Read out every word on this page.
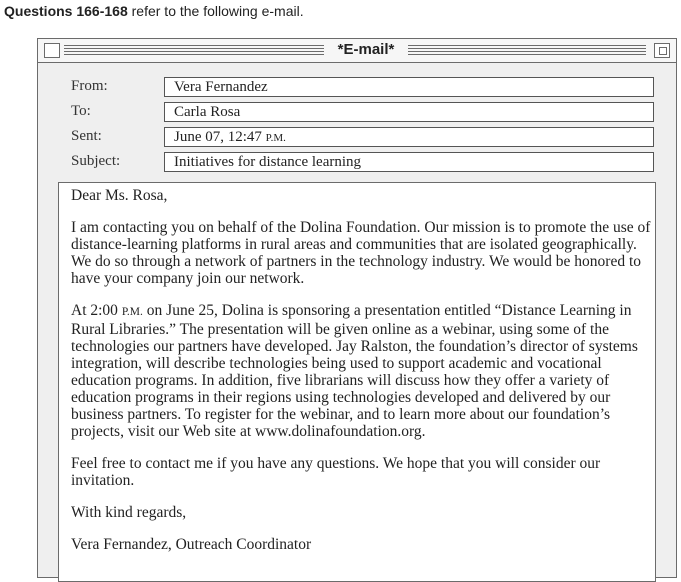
Questions 166-168 refer to the following e-mail.
*E-mail*
From:	Vera Fernandez
To:	Carla Rosa
Sent:	June 07, 12:47 P.M.
Subject:	Initiatives for distance learning

Dear Ms. Rosa,

I am contacting you on behalf of the Dolina Foundation. Our mission is to promote the use of distance-learning platforms in rural areas and communities that are isolated geographically. We do so through a network of partners in the technology industry. We would be honored to have your company join our network.

At 2:00 P.M. on June 25, Dolina is sponsoring a presentation entitled “Distance Learning in Rural Libraries.” The presentation will be given online as a webinar, using some of the technologies our partners have developed. Jay Ralston, the foundation’s director of systems integration, will describe technologies being used to support academic and vocational education programs. In addition, five librarians will discuss how they offer a variety of education programs in their regions using technologies developed and delivered by our business partners. To register for the webinar, and to learn more about our foundation’s projects, visit our Web site at www.dolinafoundation.org.

Feel free to contact me if you have any questions. We hope that you will consider our invitation.

With kind regards,

Vera Fernandez, Outreach Coordinator
